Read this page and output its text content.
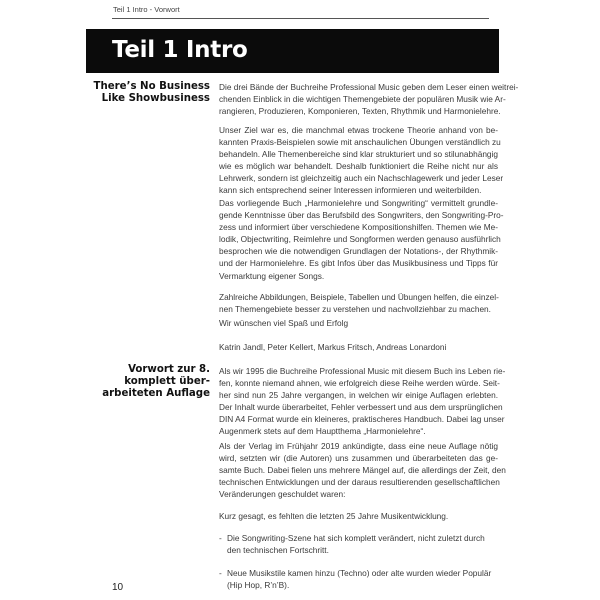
Teil 1 Intro - Vorwort
Teil 1 Intro
There’s No Business
Like Showbusiness
Die drei Bände der Buchreihe Professional Music geben dem Leser einen weitrei-
chenden Einblick in die wichtigen Themengebiete der populären Musik wie Ar-
rangieren, Produzieren, Komponieren, Texten, Rhythmik und Harmonielehre.
Unser Ziel war es, die manchmal etwas trockene Theorie anhand von be-
kannten Praxis-Beispielen sowie mit anschaulichen Übungen verständlich zu
behandeln. Alle Themenbereiche sind klar strukturiert und so stilunabhängig
wie es möglich war behandelt. Deshalb funktioniert die Reihe nicht nur als
Lehrwerk, sondern ist gleichzeitig auch ein Nachschlagewerk und jeder Leser
kann sich entsprechend seiner Interessen informieren und weiterbilden.
Das vorliegende Buch „Harmonielehre und Songwriting“ vermittelt grundle-
gende Kenntnisse über das Berufsbild des Songwriters, den Songwriting-Pro-
zess und informiert über verschiedene Kompositionshilfen. Themen wie Me-
lodik, Objectwriting, Reimlehre und Songformen werden genauso ausführlich
besprochen wie die notwendigen Grundlagen der Notations-, der Rhythmik-
und der Harmonielehre. Es gibt Infos über das Musikbusiness und Tipps für
Vermarktung eigener Songs.
Zahlreiche Abbildungen, Beispiele, Tabellen und Übungen helfen, die einzel-
nen Themengebiete besser zu verstehen und nachvollziehbar zu machen.
Wir wünschen viel Spaß und Erfolg
Katrin Jandl, Peter Kellert, Markus Fritsch, Andreas Lonardoni
Vorwort zur 8.
komplett über-
arbeiteten Auflage
Als wir 1995 die Buchreihe Professional Music mit diesem Buch ins Leben rie-
fen, konnte niemand ahnen, wie erfolgreich diese Reihe werden würde. Seit-
her sind nun 25 Jahre vergangen, in welchen wir einige Auflagen erlebten.
Der Inhalt wurde überarbeitet, Fehler verbessert und aus dem ursprünglichen
DIN A4 Format wurde ein kleineres, praktischeres Handbuch. Dabei lag unser
Augenmerk stets auf dem Hauptthema „Harmonielehre“.
Als der Verlag im Frühjahr 2019 ankündigte, dass eine neue Auflage nötig
wird, setzten wir (die Autoren) uns zusammen und überarbeiteten das ge-
samte Buch. Dabei fielen uns mehrere Mängel auf, die allerdings der Zeit, den
technischen Entwicklungen und der daraus resultierenden gesellschaftlichen
Veränderungen geschuldet waren:
Kurz gesagt, es fehlten die letzten 25 Jahre Musikentwicklung.
- Die Songwriting-Szene hat sich komplett verändert, nicht zuletzt durch
den technischen Fortschritt.
- Neue Musikstile kamen hinzu (Techno) oder alte wurden wieder Populär
(Hip Hop, R’n’B).
10
